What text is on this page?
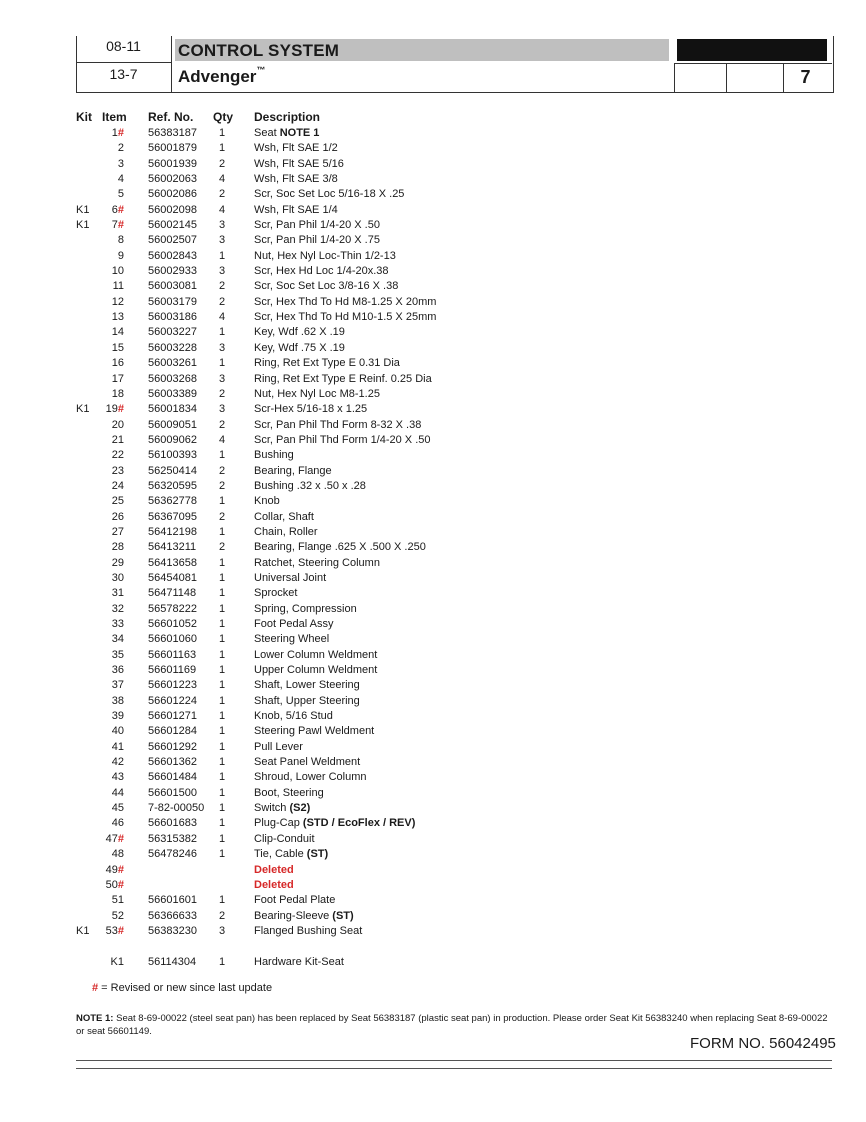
08-11
13-7
CONTROL SYSTEM
Advenger™	7
Kit Item Ref. No. Qty Description
1# 56383187 1	Seat NOTE 1
2 56001879 1	Wsh, Flt SAE 1/2
3 56001939 2	Wsh, Flt SAE 5/16
4 56002063 4	Wsh, Flt SAE 3/8
5 56002086 2	Scr, Soc Set Loc 5/16-18 X .25
K1	6# 56002098 4	Wsh, Flt SAE 1/4
K1	7# 56002145 3	Scr, Pan Phil 1/4-20 X .50
8 56002507 3	Scr, Pan Phil 1/4-20 X .75
9 56002843 1	Nut, Hex Nyl Loc-Thin 1/2-13
10 56002933 3	Scr, Hex Hd Loc 1/4-20x.38
11 56003081 2	Scr, Soc Set Loc 3/8-16 X .38
12 56003179 2	Scr, Hex Thd To Hd M8-1.25 X 20mm
13 56003186 4	Scr, Hex Thd To Hd M10-1.5 X 25mm
14 56003227 1	Key, Wdf .62 X .19
15 56003228 3	Key, Wdf .75 X .19
16 56003261 1	Ring, Ret Ext Type E 0.31 Dia
17 56003268 3	Ring, Ret Ext Type E Reinf. 0.25 Dia
18 56003389 2	Nut, Hex Nyl Loc M8-1.25
K1	19# 56001834 3	Scr-Hex 5/16-18 x 1.25
20 56009051 2	Scr, Pan Phil Thd Form 8-32 X .38
21 56009062 4	Scr, Pan Phil Thd Form 1/4-20 X .50
22 56100393 1	Bushing
23 56250414 2	Bearing, Flange
24 56320595 2	Bushing .32 x .50 x .28
25 56362778 1	Knob
26 56367095 2	Collar, Shaft
27 56412198 1	Chain, Roller
28 56413211 2	Bearing, Flange .625 X .500 X .250
29 56413658 1	Ratchet, Steering Column
30 56454081 1	Universal Joint
31 56471148 1	Sprocket
32 56578222 1	Spring, Compression
33 56601052 1	Foot Pedal Assy
34 56601060 1	Steering Wheel
35 56601163 1	Lower Column Weldment
36 56601169 1	Upper Column Weldment
37 56601223 1	Shaft, Lower Steering
38 56601224 1	Shaft, Upper Steering
39 56601271 1	Knob, 5/16 Stud
40 56601284 1	Steering Pawl Weldment
41 56601292 1	Pull Lever
42 56601362 1	Seat Panel Weldment
43 56601484 1	Shroud, Lower Column
44 56601500 1	Boot, Steering
45 7-82-00050 1	Switch (S2)
46 56601683 1	Plug-Cap (STD / EcoFlex / REV)
47# 56315382 1	Clip-Conduit
48 56478246 1	Tie, Cable (ST)
49#	Deleted
50#	Deleted
51 56601601 1	Foot Pedal Plate
52 56366633 2	Bearing-Sleeve (ST)
K1	53# 56383230 3	Flanged Bushing Seat
K1 56114304 1	Hardware Kit-Seat
# = Revised or new since last update
NOTE 1: Seat 8-69-00022 (steel seat pan) has been replaced by Seat 56383187 (plastic seat pan) in production. Please order Seat Kit 56383240 when replacing Seat 8-69-00022 or seat 56601149.
FORM NO. 56042495
